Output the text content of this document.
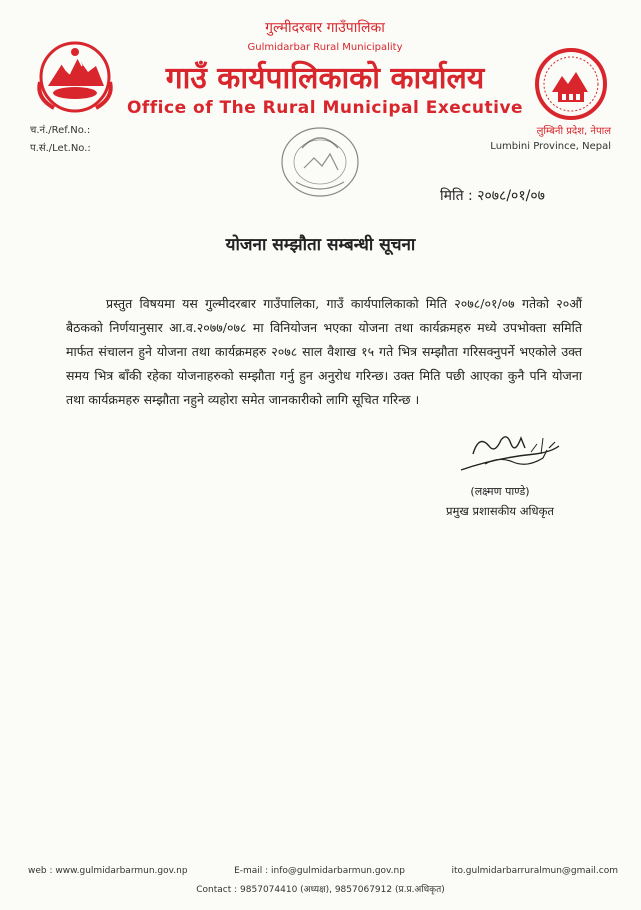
गुल्मीदरबार गाउँपालिका
Gulmidarbar Rural Municipality
गाउँ कार्यपालिकाको कार्यालय
Office of The Rural Municipal Executive
च.नं./Ref.No.:
प.सं./Let.No.:
लुम्बिनी प्रदेश, नेपाल
Lumbini Province, Nepal
मिति : २०७८/०१/०७
योजना सम्झौता सम्बन्धी सूचना
प्रस्तुत विषयमा यस गुल्मीदरबार गाउँपालिका, गाउँ कार्यपालिकाको मिति २०७८/०१/०७ गतेको २०औं बैठकको निर्णयानुसार आ.व.२०७७/०७८ मा विनियोजन भएका योजना तथा कार्यक्रमहरु मध्ये उपभोक्ता समिति मार्फत संचालन हुने योजना तथा कार्यक्रमहरु २०७८ साल वैशाख १५ गते भित्र सम्झौता गरिसक्नुपर्ने भएकोले उक्त समय भित्र बाँकी रहेका योजनाहरुको सम्झौता गर्नु हुन अनुरोध गरिन्छ। उक्त मिति पछी आएका कुनै पनि योजना तथा कार्यक्रमहरु सम्झौता नहुने व्यहोरा समेत जानकारीको लागि सूचित गरिन्छ ।
(लक्ष्मण पाण्डे)
प्रमुख प्रशासकीय अधिकृत
web : www.gulmidarbarmun.gov.np	E-mail : info@gulmidarbarmun.gov.np	ito.gulmidarbarruralmun@gmail.com
Contact : 9857074410 (अध्यक्ष), 9857067912 (प्र.प्र.अधिकृत)
